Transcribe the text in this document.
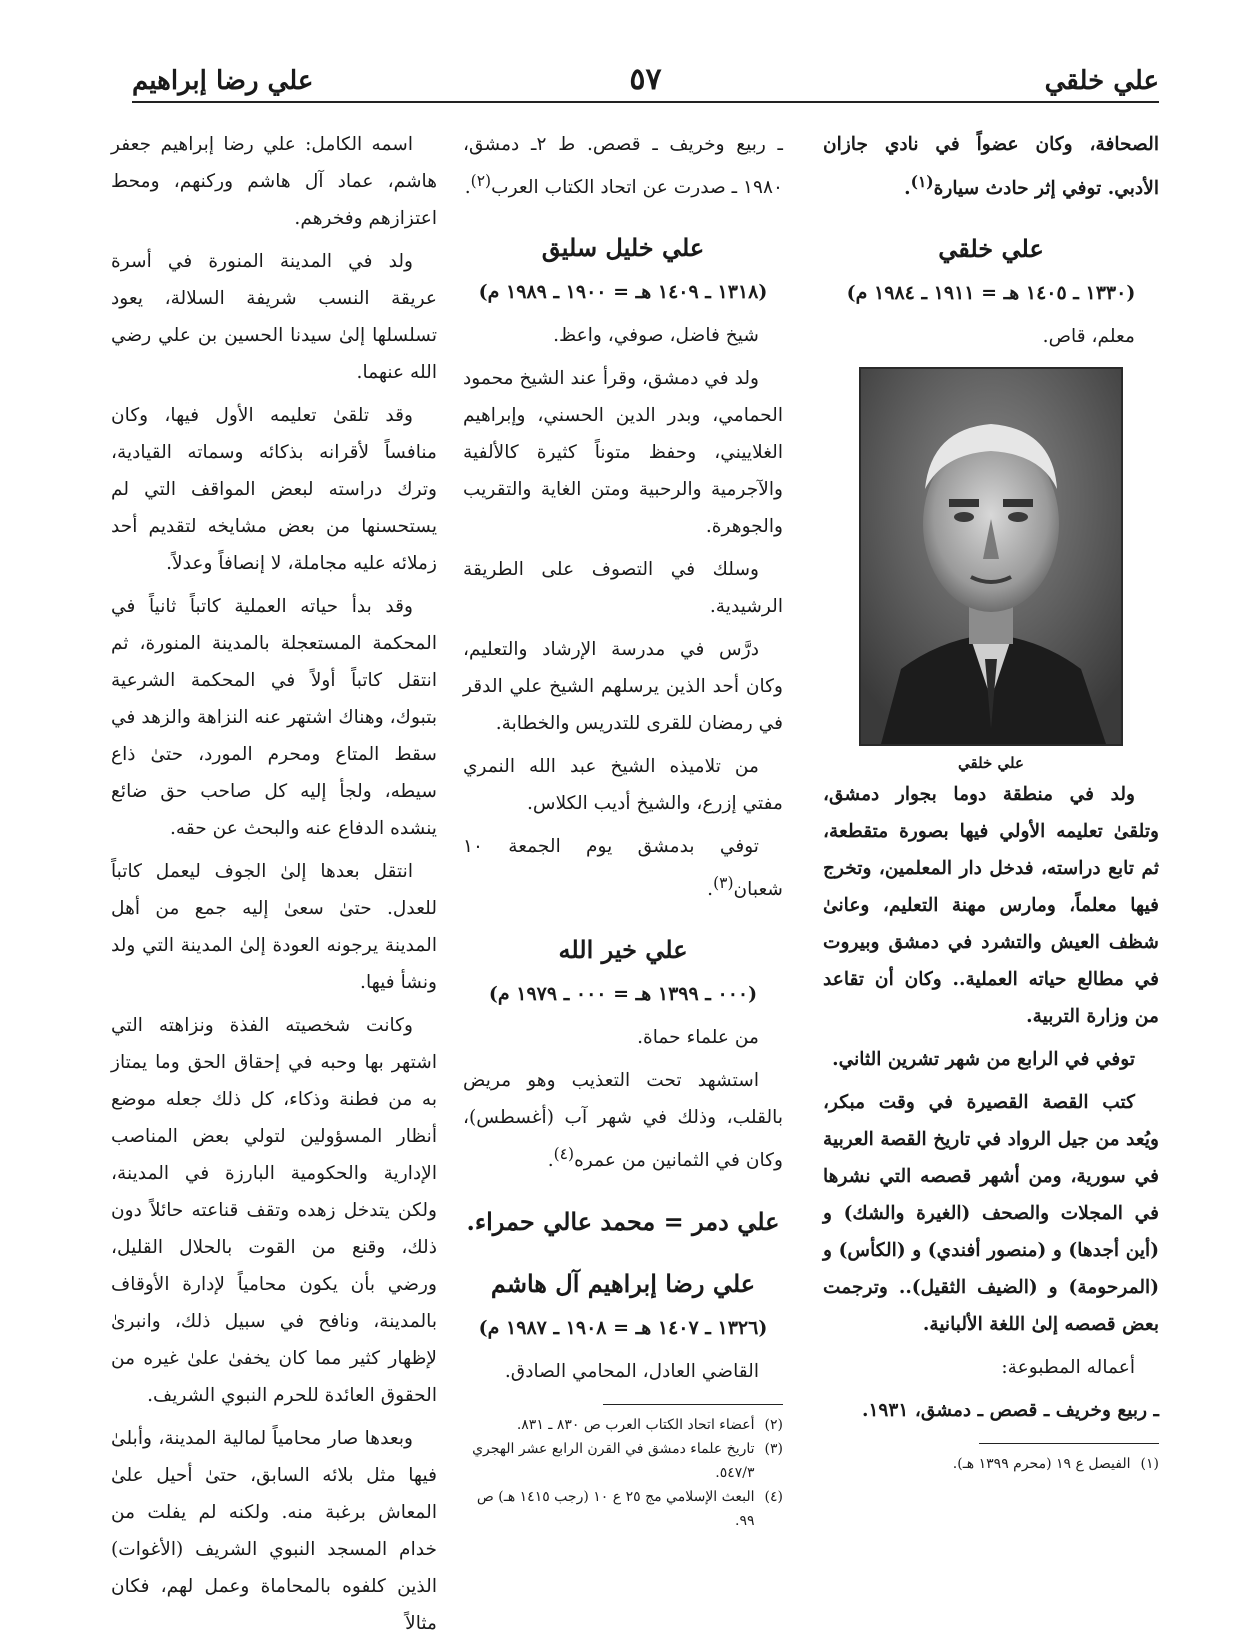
علي خلقي
٥٧
علي رضا إبراهيم

الصحافة، وكان عضواً في نادي جازان الأدبي. توفي إثر حادث سيارة$^{(١)}$.

علي خلقي
(١٣٣٠ ـ ١٤٠٥ هـ = ١٩١١ ـ ١٩٨٤ م)

معلم، قاص.

علي خلقي

ولد في منطقة دوما بجوار دمشق، وتلقىٰ تعليمه الأولي فيها بصورة متقطعة، ثم تابع دراسته، فدخل دار المعلمين، وتخرج فيها معلماً، ومارس مهنة التعليم، وعانىٰ شظف العيش والتشرد في دمشق وبيروت في مطالع حياته العملية.. وكان أن تقاعد من وزارة التربية.

توفي في الرابع من شهر تشرين الثاني.

كتب القصة القصيرة في وقت مبكر، ويُعد من جيل الرواد في تاريخ القصة العربية في سورية، ومن أشهر قصصه التي نشرها في المجلات والصحف (الغيرة والشك) و (أين أجدها) و (منصور أفندي) و (الكأس) و (المرحومة) و (الضيف الثقيل).. وترجمت بعض قصصه إلىٰ اللغة الألبانية.

أعماله المطبوعة:

ـ ربيع وخريف ـ قصص ـ دمشق، ١٩٣١.

(١)
الفيصل ع ١٩ (محرم ١٣٩٩ هـ).

ـ ربيع وخريف ـ قصص. ط ٢ـ دمشق، ١٩٨٠ ـ صدرت عن اتحاد الكتاب العرب$^{(٢)}$.

علي خليل سليق
(١٣١٨ ـ ١٤٠٩ هـ = ١٩٠٠ ـ ١٩٨٩ م)

شيخ فاضل، صوفي، واعظ.

ولد في دمشق، وقرأ عند الشيخ محمود الحمامي، وبدر الدين الحسني، وإبراهيم الغلاييني، وحفظ متوناً كثيرة كالألفية والآجرمية والرحبية ومتن الغاية والتقريب والجوهرة.

وسلك في التصوف على الطريقة الرشيدية.

درَّس في مدرسة الإرشاد والتعليم، وكان أحد الذين يرسلهم الشيخ علي الدقر في رمضان للقرى للتدريس والخطابة.

من تلاميذه الشيخ عبد الله النمري مفتي إزرع، والشيخ أديب الكلاس.

توفي بدمشق يوم الجمعة ١٠ شعبان$^{(٣)}$.

علي خير الله
(٠٠٠ ـ ١٣٩٩ هـ = ٠٠٠ ـ ١٩٧٩ م)

من علماء حماة.

استشهد تحت التعذيب وهو مريض بالقلب، وذلك في شهر آب (أغسطس)، وكان في الثمانين من عمره$^{(٤)}$.

علي دمر = محمد عالي حمراء.
علي رضا إبراهيم آل هاشم
(١٣٢٦ ـ ١٤٠٧ هـ = ١٩٠٨ ـ ١٩٨٧ م)

القاضي العادل، المحامي الصادق.

(٢)
أعضاء اتحاد الكتاب العرب ص ٨٣٠ ـ ٨٣١.
(٣)
تاريخ علماء دمشق في القرن الرابع عشر الهجري ٥٤٧/٣.
(٤)
البعث الإسلامي مج ٢٥ ع ١٠ (رجب ١٤١٥ هـ) ص ٩٩.

اسمه الكامل: علي رضا إبراهيم جعفر هاشم، عماد آل هاشم وركنهم، ومحط اعتزازهم وفخرهم.

ولد في المدينة المنورة في أسرة عريقة النسب شريفة السلالة، يعود تسلسلها إلىٰ سيدنا الحسين بن علي رضي الله عنهما.

وقد تلقىٰ تعليمه الأول فيها، وكان منافساً لأقرانه بذكائه وسماته القيادية، وترك دراسته لبعض المواقف التي لم يستحسنها من بعض مشايخه لتقديم أحد زملائه عليه مجاملة، لا إنصافاً وعدلاً.

وقد بدأ حياته العملية كاتباً ثانياً في المحكمة المستعجلة بالمدينة المنورة، ثم انتقل كاتباً أولاً في المحكمة الشرعية بتبوك، وهناك اشتهر عنه النزاهة والزهد في سقط المتاع ومحرم المورد، حتىٰ ذاع سيطه، ولجأ إليه كل صاحب حق ضائع ينشده الدفاع عنه والبحث عن حقه.

انتقل بعدها إلىٰ الجوف ليعمل كاتباً للعدل. حتىٰ سعىٰ إليه جمع من أهل المدينة يرجونه العودة إلىٰ المدينة التي ولد ونشأ فيها.

وكانت شخصيته الفذة ونزاهته التي اشتهر بها وحبه في إحقاق الحق وما يمتاز به من فطنة وذكاء، كل ذلك جعله موضع أنظار المسؤولين لتولي بعض المناصب الإدارية والحكومية البارزة في المدينة، ولكن يتدخل زهده وتقف قناعته حائلاً دون ذلك، وقنع من القوت بالحلال القليل، ورضي بأن يكون محامياً لإدارة الأوقاف بالمدينة، ونافح في سبيل ذلك، وانبرىٰ لإظهار كثير مما كان يخفىٰ علىٰ غيره من الحقوق العائدة للحرم النبوي الشريف.

وبعدها صار محامياً لمالية المدينة، وأبلىٰ فيها مثل بلائه السابق، حتىٰ أحيل علىٰ المعاش برغبة منه. ولكنه لم يفلت من خدام المسجد النبوي الشريف (الأغوات) الذين كلفوه بالمحاماة وعمل لهم، فكان مثالاً
